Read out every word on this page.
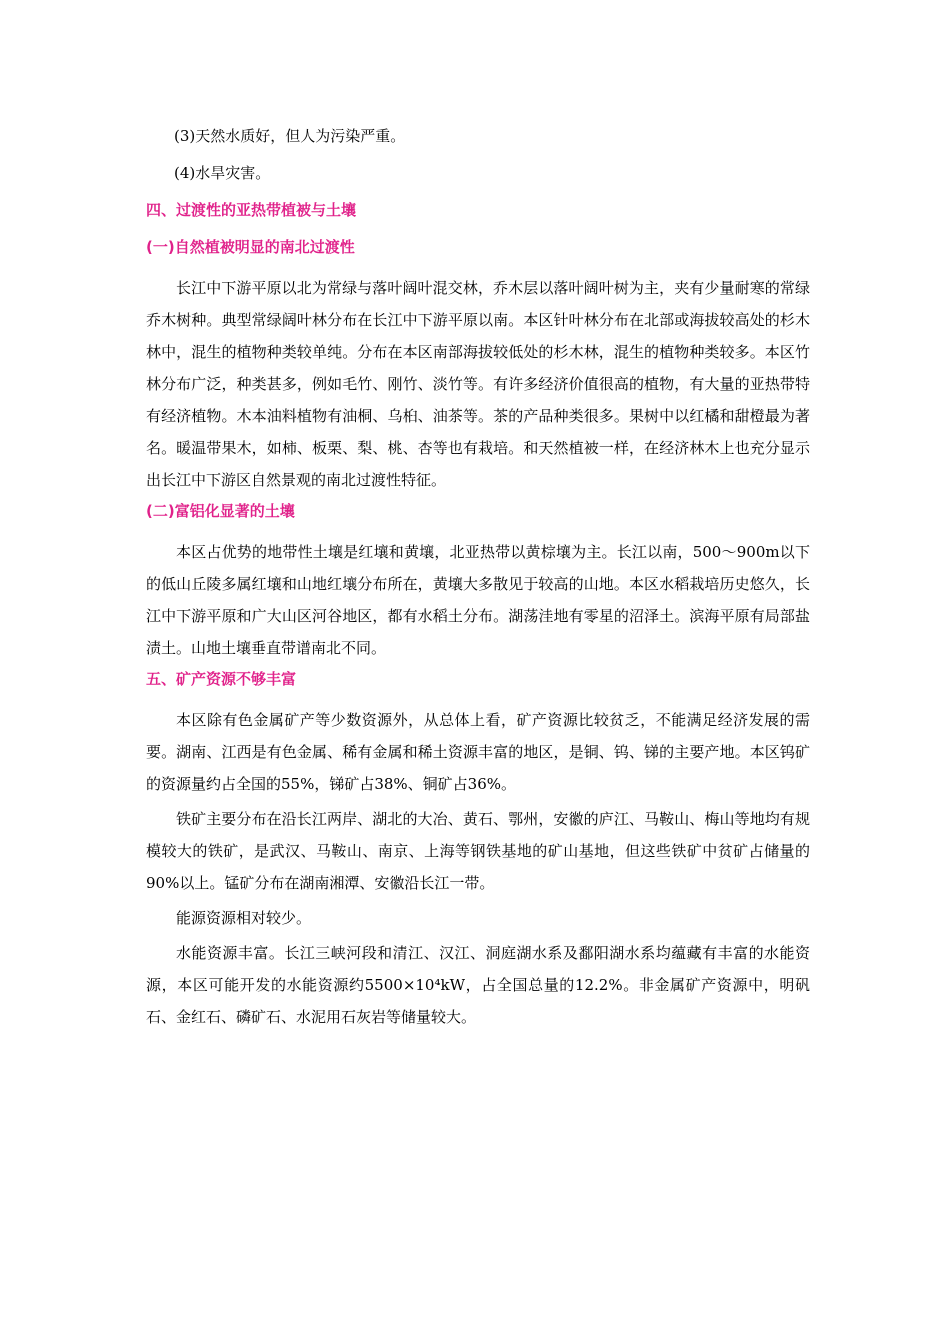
(3)天然水质好，但人为污染严重。
(4)水旱灾害。
四、过渡性的亚热带植被与土壤
(一)自然植被明显的南北过渡性

长江中下游平原以北为常绿与落叶阔叶混交林，乔木层以落叶阔叶树为主，夹有少量耐寒的常绿乔木树种。典型常绿阔叶林分布在长江中下游平原以南。本区针叶林分布在北部或海拔较高处的杉木林中，混生的植物种类较单纯。分布在本区南部海拔较低处的杉木林，混生的植物种类较多。本区竹林分布广泛，种类甚多，例如毛竹、刚竹、淡竹等。有许多经济价值很高的植物，有大量的亚热带特有经济植物。木本油料植物有油桐、乌桕、油茶等。茶的产品种类很多。果树中以红橘和甜橙最为著名。暖温带果木，如柿、板栗、梨、桃、杏等也有栽培。和天然植被一样，在经济林木上也充分显示出长江中下游区自然景观的南北过渡性特征。

(二)富铝化显著的土壤

本区占优势的地带性土壤是红壤和黄壤，北亚热带以黄棕壤为主。长江以南，500～900m以下的低山丘陵多属红壤和山地红壤分布所在，黄壤大多散见于较高的山地。本区水稻栽培历史悠久，长江中下游平原和广大山区河谷地区，都有水稻土分布。湖荡洼地有零星的沼泽土。滨海平原有局部盐渍土。山地土壤垂直带谱南北不同。

五、矿产资源不够丰富

本区除有色金属矿产等少数资源外，从总体上看，矿产资源比较贫乏，不能满足经济发展的需要。湖南、江西是有色金属、稀有金属和稀土资源丰富的地区，是铜、钨、锑的主要产地。本区钨矿的资源量约占全国的55%，锑矿占38%、铜矿占36%。

铁矿主要分布在沿长江两岸、湖北的大冶、黄石、鄂州，安徽的庐江、马鞍山、梅山等地均有规模较大的铁矿，是武汉、马鞍山、南京、上海等钢铁基地的矿山基地，但这些铁矿中贫矿占储量的90%以上。锰矿分布在湖南湘潭、安徽沿长江一带。

能源资源相对较少。

水能资源丰富。长江三峡河段和清江、汉江、洞庭湖水系及鄱阳湖水系均蕴藏有丰富的水能资源，本区可能开发的水能资源约5500×10⁴kW，占全国总量的12.2%。非金属矿产资源中，明矾石、金红石、磷矿石、水泥用石灰岩等储量较大。
